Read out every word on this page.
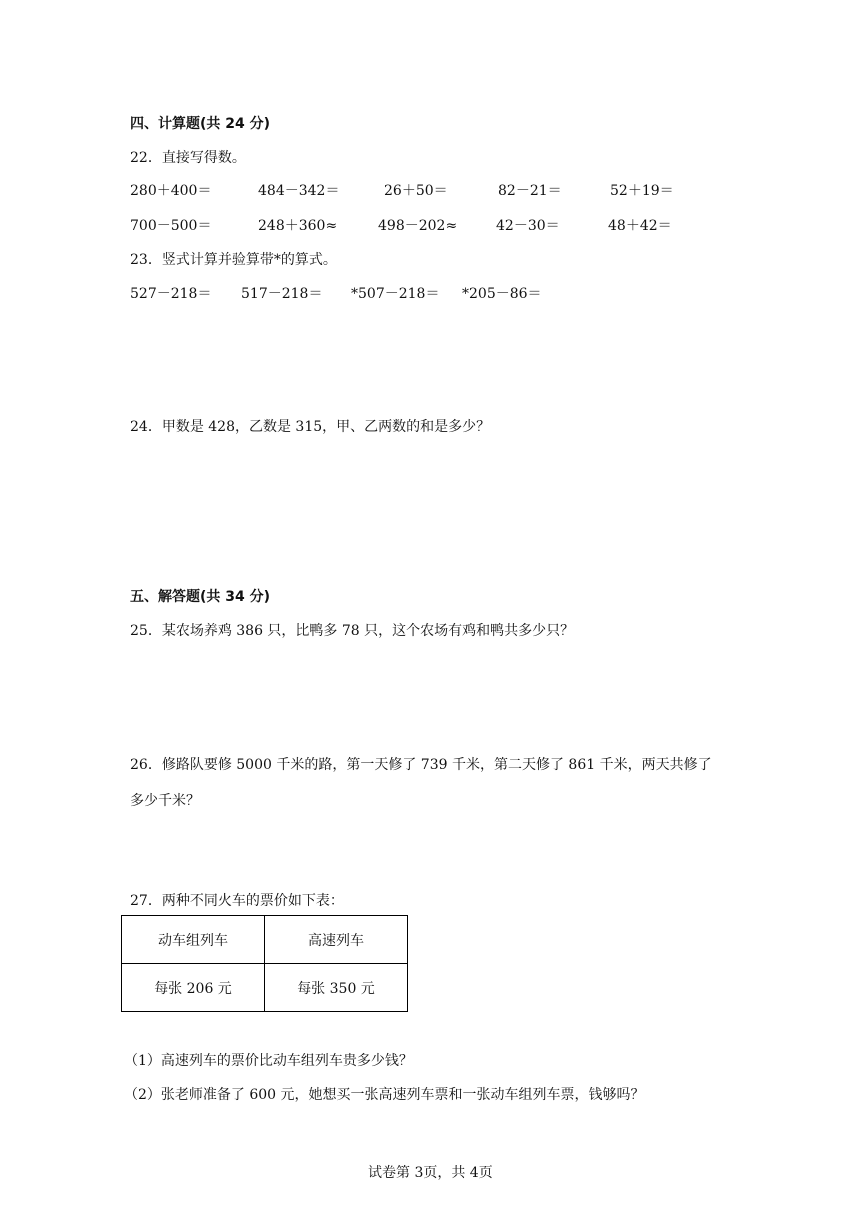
四、计算题(共 24 分)
22．直接写得数。
280＋400＝	484－342＝	26＋50＝	82－21＝	52＋19＝
700－500＝	248＋360≈	498－202≈	42－30＝	48＋42＝
23．竖式计算并验算带*的算式。
527－218＝ 517－218＝ *507－218＝ *205－86＝
24．甲数是 428，乙数是 315，甲、乙两数的和是多少？
五、解答题(共 34 分)
25．某农场养鸡 386 只，比鸭多 78 只，这个农场有鸡和鸭共多少只？
26．修路队要修 5000 千米的路，第一天修了 739 千米，第二天修了 861 千米，两天共修了
多少千米？
27．两种不同火车的票价如下表：
动车组列车	高速列车
每张 206 元	每张 350 元
（1）高速列车的票价比动车组列车贵多少钱？
（2）张老师准备了 600 元，她想买一张高速列车票和一张动车组列车票，钱够吗？
试卷第 3页，共 4页
